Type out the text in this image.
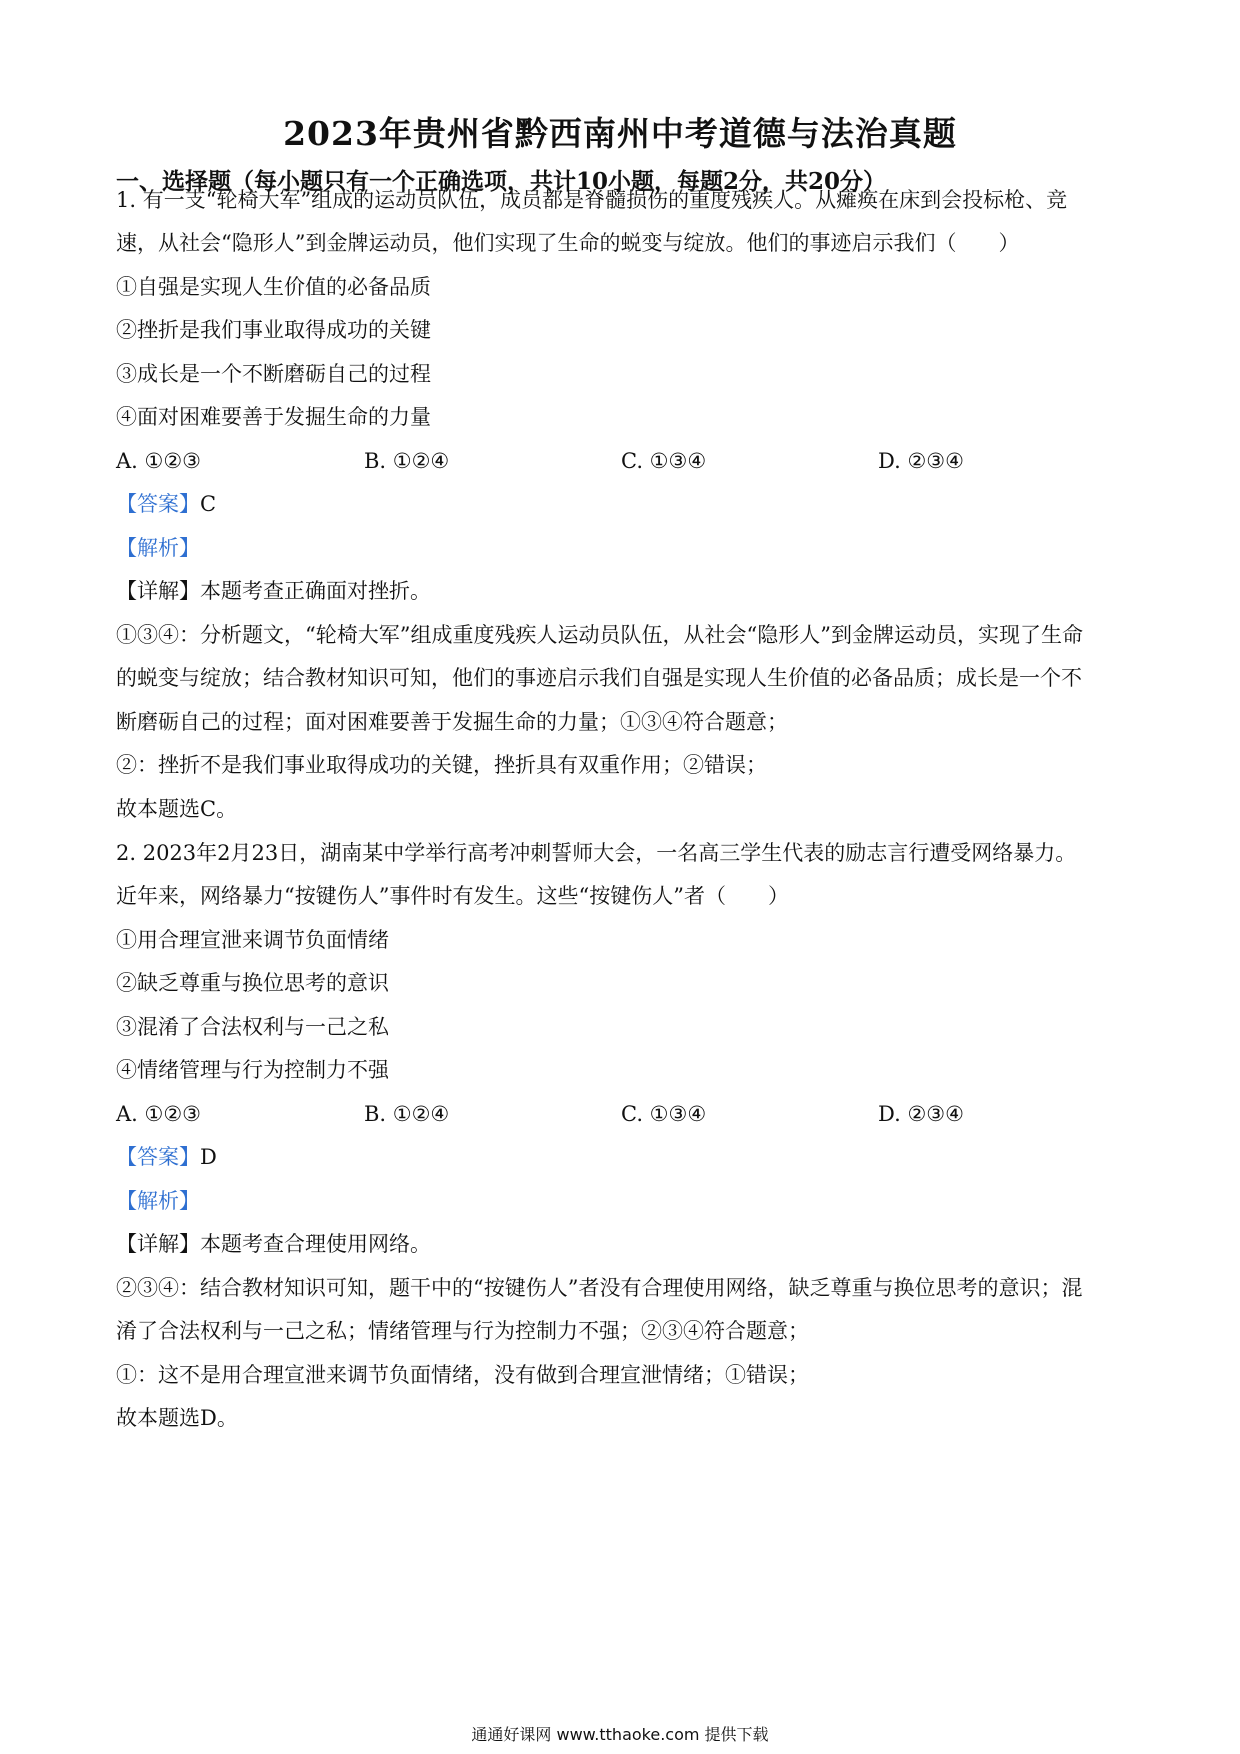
2023年贵州省黔西南州中考道德与法治真题
一、选择题（每小题只有一个正确选项，共计10小题，每题2分，共20分）
1. 有一支“轮椅大军”组成的运动员队伍，成员都是脊髓损伤的重度残疾人。从瘫痪在床到会投标枪、竞
速，从社会“隐形人”到金牌运动员，他们实现了生命的蜕变与绽放。他们的事迹启示我们（　　）
①自强是实现人生价值的必备品质
②挫折是我们事业取得成功的关键
③成长是一个不断磨砺自己的过程
④面对困难要善于发掘生命的力量
A. ①②③	B. ①②④	C. ①③④	D. ②③④
【答案】C
【解析】
【详解】本题考查正确面对挫折。
①③④：分析题文，“轮椅大军”组成重度残疾人运动员队伍，从社会“隐形人”到金牌运动员，实现了生命
的蜕变与绽放；结合教材知识可知，他们的事迹启示我们自强是实现人生价值的必备品质；成长是一个不
断磨砺自己的过程；面对困难要善于发掘生命的力量；①③④符合题意；
②：挫折不是我们事业取得成功的关键，挫折具有双重作用；②错误；
故本题选C。
2. 2023年2月23日，湖南某中学举行高考冲刺誓师大会，一名高三学生代表的励志言行遭受网络暴力。
近年来，网络暴力“按键伤人”事件时有发生。这些“按键伤人”者（　　）
①用合理宣泄来调节负面情绪
②缺乏尊重与换位思考的意识
③混淆了合法权利与一己之私
④情绪管理与行为控制力不强
A. ①②③	B. ①②④	C. ①③④	D. ②③④
【答案】D
【解析】
【详解】本题考查合理使用网络。
②③④：结合教材知识可知，题干中的“按键伤人”者没有合理使用网络，缺乏尊重与换位思考的意识；混
淆了合法权利与一己之私；情绪管理与行为控制力不强；②③④符合题意；
①：这不是用合理宣泄来调节负面情绪，没有做到合理宣泄情绪；①错误；
故本题选D。
通通好课网 www.tthaoke.com 提供下载
